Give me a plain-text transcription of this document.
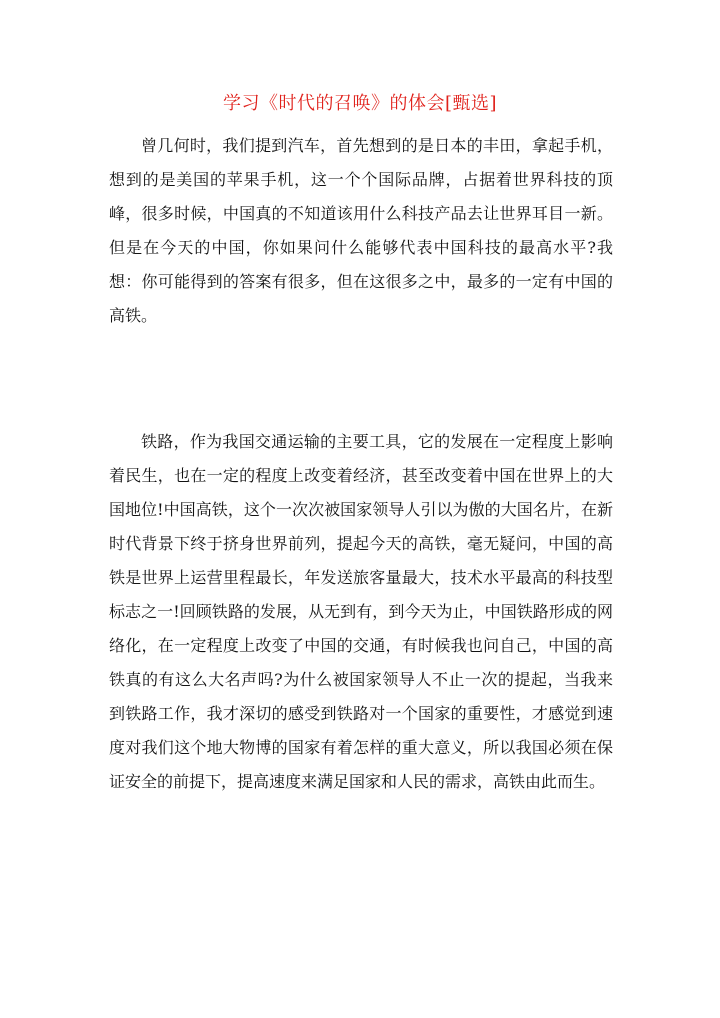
学习《时代的召唤》的体会[甄选]

曾几何时，我们提到汽车，首先想到的是日本的丰田，拿起手机，想到的是美国的苹果手机，这一个个国际品牌，占据着世界科技的顶峰，很多时候，中国真的不知道该用什么科技产品去让世界耳目一新。但是在今天的中国，你如果问什么能够代表中国科技的最高水平?我想：你可能得到的答案有很多，但在这很多之中，最多的一定有中国的高铁。

铁路，作为我国交通运输的主要工具，它的发展在一定程度上影响着民生，也在一定的程度上改变着经济，甚至改变着中国在世界上的大国地位!中国高铁，这个一次次被国家领导人引以为傲的大国名片，在新时代背景下终于挤身世界前列，提起今天的高铁，毫无疑问，中国的高铁是世界上运营里程最长，年发送旅客量最大，技术水平最高的科技型标志之一!回顾铁路的发展，从无到有，到今天为止，中国铁路形成的网络化，在一定程度上改变了中国的交通，有时候我也问自己，中国的高铁真的有这么大名声吗?为什么被国家领导人不止一次的提起，当我来到铁路工作，我才深切的感受到铁路对一个国家的重要性，才感觉到速度对我们这个地大物博的国家有着怎样的重大意义，所以我国必须在保证安全的前提下，提高速度来满足国家和人民的需求，高铁由此而生。
